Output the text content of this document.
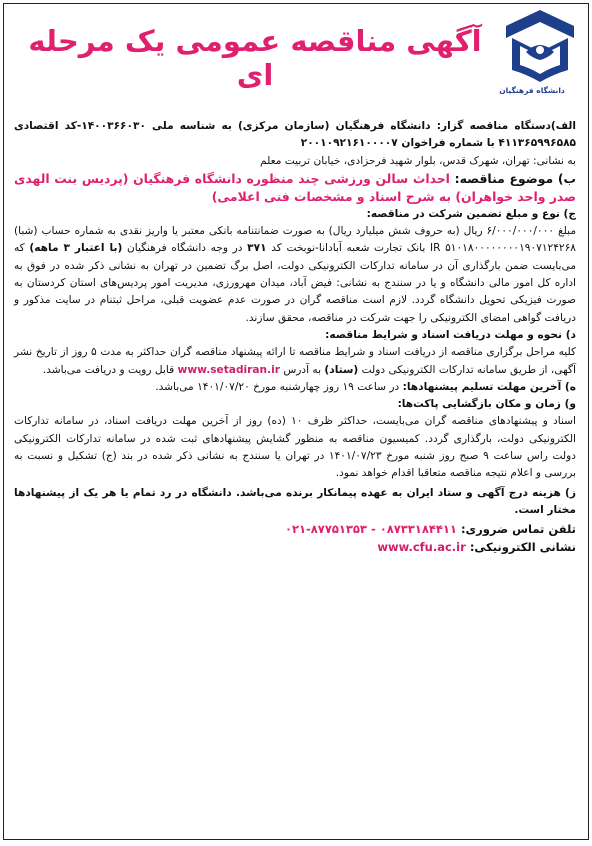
دانشگاه فرهنگیان
آگهی مناقصه عمومی یک مرحله ای

الف)دستگاه مناقصه گزار: دانشگاه فرهنگیان (سازمان مرکزی) به شناسه ملی ۱۴۰۰۳۶۶۰۳۰-کد اقتصادی ۴۱۱۳۶۵۹۹۶۵۸۵ با شماره فراخوان ۲۰۰۱۰۹۲۱۶۱۰۰۰۰۷

به نشانی: تهران، شهرک قدس، بلوار شهید فرحزادی، خیابان تربیت معلم

ب) موضوع مناقصه: احداث سالن ورزشی چند منظوره دانشگاه فرهنگیان (پردیس بنت الهدی صدر واحد خواهران) به شرح اسناد و مشخصات فنی اعلامی)

ج) نوع و مبلغ تضمین شرکت در مناقصه:

مبلغ ۶/۰۰۰/۰۰۰/۰۰۰ ریال (به حروف شش میلیارد ریال) به صورت ضمانتنامه بانکی معتبر یا واریز نقدی به شماره حساب (شبا) IR ۵۱۰۱۸۰۰۰۰۰۰۰۰۱۹۰۷۱۲۴۲۶۸ بانک تجارت شعبه آبادانا-نوبخت کد ۳۷۱ در وجه دانشگاه فرهنگیان (با اعتبار ۳ ماهه) که می‌بایست ضمن بارگذاری آن در سامانه تدارکات الکترونیکی دولت، اصل برگ تضمین در تهران به نشانی ذکر شده در فوق به اداره کل امور مالی دانشگاه و یا در سنندج به نشانی: فیض آباد، میدان مهرورزی، مدیریت امور پردیس‌های استان کردستان به صورت فیزیکی تحویل دانشگاه گردد. لازم است مناقصه گران در صورت عدم عضویت قبلی، مراحل ثبتنام در سایت مذکور و دریافت گواهی امضای الکترونیکی را جهت شرکت در مناقصه، محقق سازند.

د) نحوه و مهلت دریافت اسناد و شرایط مناقصه:

کلیه مراحل برگزاری مناقصه از دریافت اسناد و شرایط مناقصه تا ارائه پیشنهاد مناقصه گران حداکثر به مدت ۵ روز از تاریخ نشر آگهی، از طریق سامانه تدارکات الکترونیکی دولت (ستاد) به آدرس www.setadiran.ir قابل رویت و دریافت می‌باشد.

ه) آخرین مهلت تسلیم پیشنهادها: در ساعت ۱۹ روز چهارشنبه مورخ ۱۴۰۱/۰۷/۲۰ می‌باشد.

و) زمان و مکان بازگشایی پاکت‌ها:

اسناد و پیشنهادهای مناقصه گران می‌بایست، حداکثر ظرف ۱۰ (ده) روز از آخرین مهلت دریافت اسناد، در سامانه تدارکات الکترونیکی دولت، بارگذاری گردد. کمیسیون مناقصه به منظور گشایش پیشنهادهای ثبت شده در سامانه تدارکات الکترونیکی دولت راس ساعت ۹ صبح روز شنبه مورخ ۱۴۰۱/۰۷/۲۳ در تهران یا سنندج به نشانی ذکر شده در بند (ج) تشکیل و نسبت به بررسی و اعلام نتیجه مناقصه متعاقبا اقدام خواهد نمود.

ز) هزینه درج آگهی و ستاد ایران به عهده پیمانکار برنده می‌باشد. دانشگاه در رد تمام یا هر یک از پیشنهادها مختار است.

تلفن تماس ضروری: ۰۲۱-۸۷۷۵۱۳۵۳ - ۰۸۷۳۳۱۸۴۴۱۱

نشانی الکترونیکی: www.cfu.ac.ir
